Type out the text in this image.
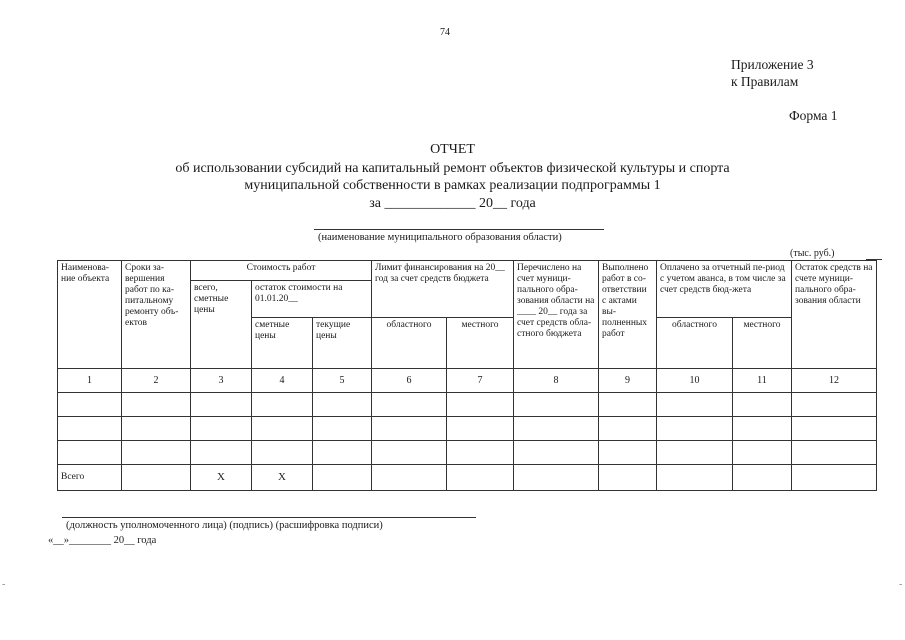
74
Приложение 3
к Правилам
Форма 1
ОТЧЕТ
об использовании субсидий на капитальный ремонт объектов физической культуры и спорта
муниципальной собственности в рамках реализации подпрограммы 1
за _____________ 20__ года
(наименование муниципального образования области)
(тыс. руб.)
Наименова-ние объекта	Сроки за-вершения работ по ка-питальному ремонту объ-ектов	Стоимость работ			Лимит финансирования на 20__ год за счет средств бюджета		Перечислено на счет муници-пального обра-зования области на ____ 20__ года за счет средств обла-стного бюджета	Выполнено работ в со-ответствии с актами вы-полненных работ	Оплачено за отчетный пе-риод с учетом аванса, в том числе за счет средств бюд-жета		Остаток средств на счете муници-пального обра-зования области
		всего, сметные цены	остаток стоимости на 01.01.20__								
			сметные цены	текущие цены	областного	местного			областного	местного	
1	2	3	4	5	6	7	8	9	10	11	12

Всего		Х	Х								
(должность уполномоченного лица) (подпись) (расшифровка подписи)
«__»________ 20__ года
-	-
